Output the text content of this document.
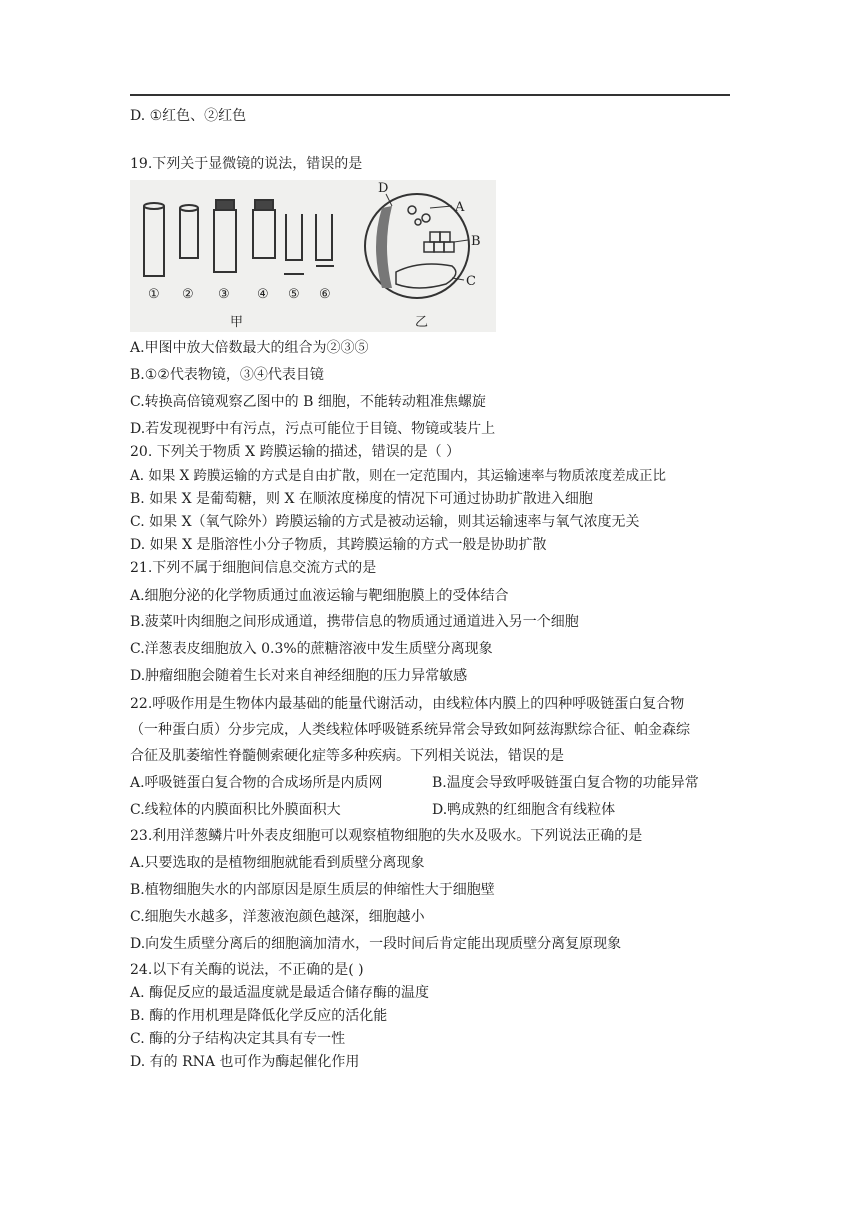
D. ①红色、②红色
19.下列关于显微镜的说法，错误的是
① ② ③ ④ ⑤ ⑥
甲
D
A
B
C
乙
A.甲图中放大倍数最大的组合为②③⑤
B.①②代表物镜，③④代表目镜
C.转换高倍镜观察乙图中的 B 细胞，不能转动粗准焦螺旋
D.若发现视野中有污点，污点可能位于目镜、物镜或装片上
20. 下列关于物质 X 跨膜运输的描述，错误的是（ ）
A. 如果 X 跨膜运输的方式是自由扩散，则在一定范围内，其运输速率与物质浓度差成正比
B. 如果 X 是葡萄糖，则 X 在顺浓度梯度的情况下可通过协助扩散进入细胞
C. 如果 X（氧气除外）跨膜运输的方式是被动运输，则其运输速率与氧气浓度无关
D. 如果 X 是脂溶性小分子物质，其跨膜运输的方式一般是协助扩散
21.下列不属于细胞间信息交流方式的是
A.细胞分泌的化学物质通过血液运输与靶细胞膜上的受体结合
B.菠菜叶肉细胞之间形成通道，携带信息的物质通过通道进入另一个细胞
C.洋葱表皮细胞放入 0.3%的蔗糖溶液中发生质壁分离现象
D.肿瘤细胞会随着生长对来自神经细胞的压力异常敏感
22.呼吸作用是生物体内最基础的能量代谢活动，由线粒体内膜上的四种呼吸链蛋白复合物
（一种蛋白质）分步完成，人类线粒体呼吸链系统异常会导致如阿兹海默综合征、帕金森综
合征及肌萎缩性脊髓侧索硬化症等多种疾病。下列相关说法，错误的是
A.呼吸链蛋白复合物的合成场所是内质网	B.温度会导致呼吸链蛋白复合物的功能异常
C.线粒体的内膜面积比外膜面积大	D.鸭成熟的红细胞含有线粒体
23.利用洋葱鳞片叶外表皮细胞可以观察植物细胞的失水及吸水。下列说法正确的是
A.只要选取的是植物细胞就能看到质壁分离现象
B.植物细胞失水的内部原因是原生质层的伸缩性大于细胞壁
C.细胞失水越多，洋葱液泡颜色越深，细胞越小
D.向发生质壁分离后的细胞滴加清水，一段时间后肯定能出现质壁分离复原现象
24.以下有关酶的说法，不正确的是( )
A. 酶促反应的最适温度就是最适合储存酶的温度
B. 酶的作用机理是降低化学反应的活化能
C. 酶的分子结构决定其具有专一性
D. 有的 RNA 也可作为酶起催化作用
